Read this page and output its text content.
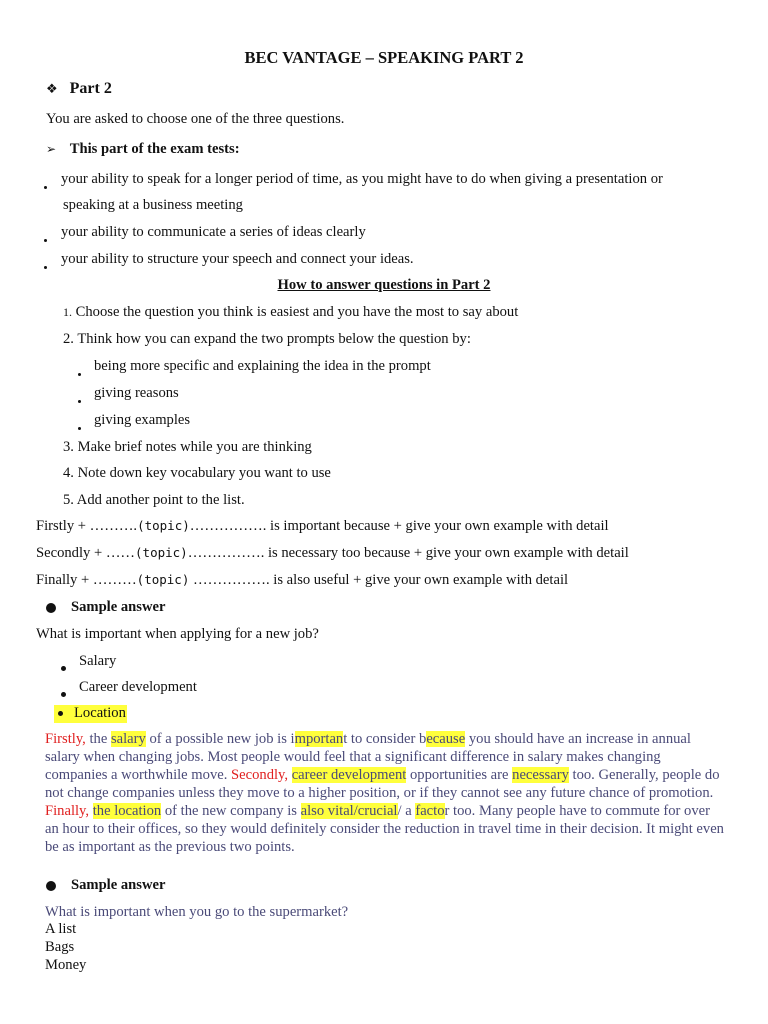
BEC VANTAGE – SPEAKING PART 2
❖ Part 2
You are asked to choose one of the three questions.
➢ This part of the exam tests:
your ability to speak for a longer period of time, as you might have to do when giving a presentation or
speaking at a business meeting
your ability to communicate a series of ideas clearly
your ability to structure your speech and connect your ideas.
How to answer questions in Part 2
1. Choose the question you think is easiest and you have the most to say about
2. Think how you can expand the two prompts below the question by:
being more specific and explaining the idea in the prompt
giving reasons
giving examples
3. Make brief notes while you are thinking
4. Note down key vocabulary you want to use
5. Add another point to the list.
Firstly + ……….(topic)……………. is important because + give your own example with detail
Secondly + ……(topic)……………. is necessary too because + give your own example with detail
Finally + ………(topic) ……………. is also useful + give your own example with detail
Sample answer
What is important when applying for a new job?
Salary
Career development
Location
Firstly, the salary of a possible new job is important to consider because you should have an increase in annual salary when changing jobs. Most people would feel that a significant difference in salary makes changing companies a worthwhile move. Secondly, career development opportunities are necessary too. Generally, people do not change companies unless they move to a higher position, or if they cannot see any future chance of promotion. Finally, the location of the new company is also vital/crucial/ a factor too. Many people have to commute for over an hour to their offices, so they would definitely consider the reduction in travel time in their decision. It might even be as important as the previous two points.
Sample answer
What is important when you go to the supermarket?
A list
Bags
Money
